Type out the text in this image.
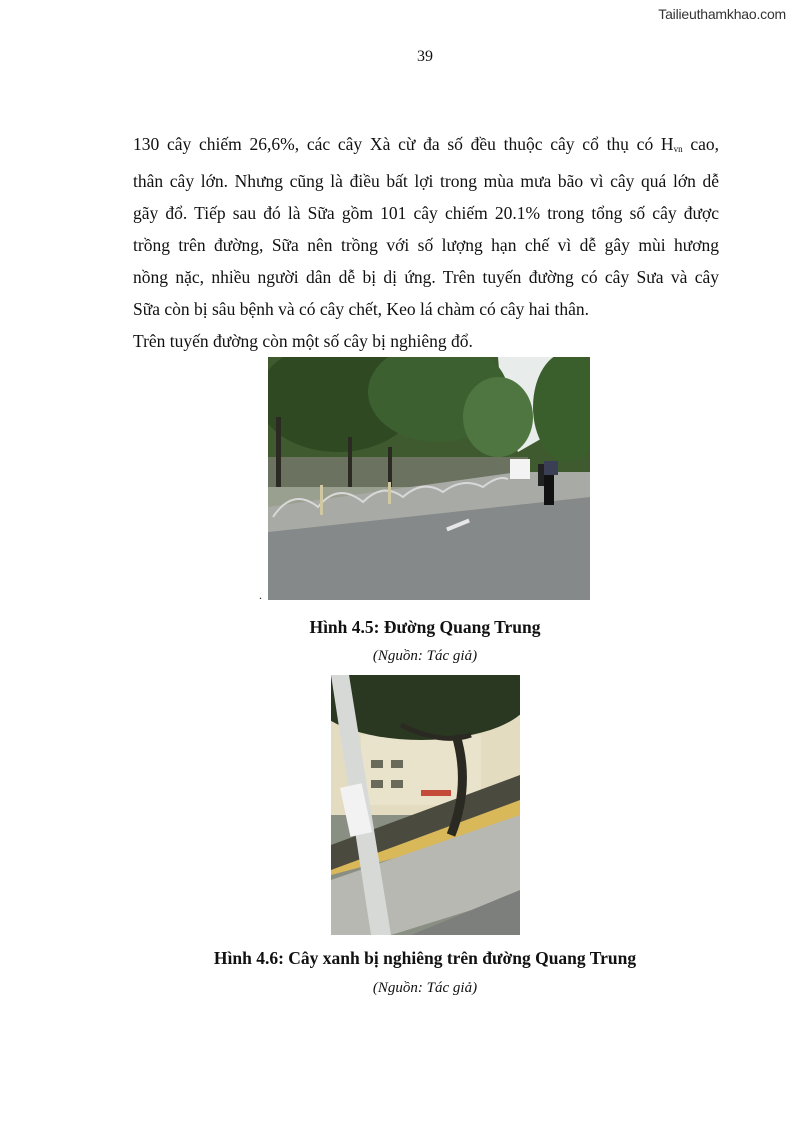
Tailieuthamkhao.com
39
130 cây chiếm 26,6%, các cây Xà cừ đa số đều thuộc cây cổ thụ có $H_{vn}$ cao,
thân cây lớn. Nhưng cũng là điều bất lợi trong mùa mưa bão vì cây quá lớn dễ
gãy đổ. Tiếp sau đó là Sữa gồm 101 cây chiếm 20.1% trong tổng số cây được
trồng trên đường, Sữa nên trồng với số lượng hạn chế vì dễ gây mùi hương
nồng nặc, nhiều người dân dễ bị dị ứng. Trên tuyến đường có cây Sưa và cây
Sữa còn bị sâu bệnh và có cây chết, Keo lá chàm có cây hai thân.

Trên tuyến đường còn một số cây bị nghiêng đổ.

.
Hình 4.5: Đường Quang Trung
(Nguồn: Tác giả)
Hình 4.6: Cây xanh bị nghiêng trên đường Quang Trung
(Nguồn: Tác giả)
